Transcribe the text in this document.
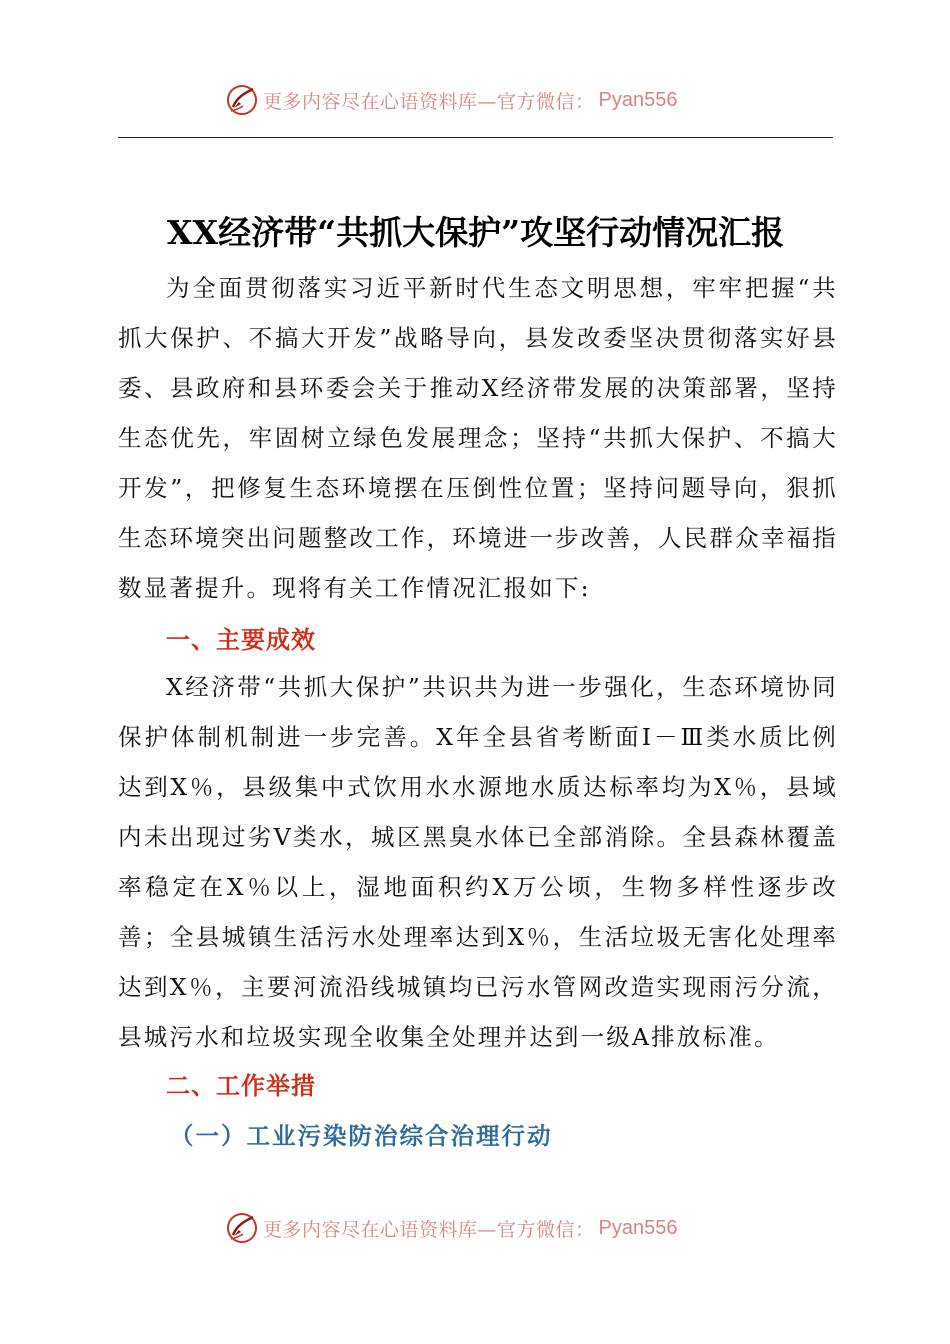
更多内容尽在心语资料库—官方微信： Pyan556
XX经济带“共抓大保护”攻坚行动情况汇报

为全面贯彻落实习近平新时代生态文明思想，牢牢把握“共抓大保护、不搞大开发”战略导向，县发改委坚决贯彻落实好县委、县政府和县环委会关于推动X经济带发展的决策部署，坚持生态优先，牢固树立绿色发展理念；坚持“共抓大保护、不搞大开发”，把修复生态环境摆在压倒性位置；坚持问题导向，狠抓生态环境突出问题整改工作，环境进一步改善，人民群众幸福指数显著提升。现将有关工作情况汇报如下:

一、主要成效

X经济带“共抓大保护”共识共为进一步强化，生态环境协同保护体制机制进一步完善。X年全县省考断面Ⅰ－Ⅲ类水质比例达到X％，县级集中式饮用水水源地水质达标率均为X％，县域内未出现过劣Ⅴ类水，城区黑臭水体已全部消除。全县森林覆盖率稳定在X％以上，湿地面积约X万公顷，生物多样性逐步改善；全县城镇生活污水处理率达到X％，生活垃圾无害化处理率达到X％，主要河流沿线城镇均已污水管网改造实现雨污分流，县城污水和垃圾实现全收集全处理并达到一级A排放标准。

二、工作举措
（一）工业污染防治综合治理行动
更多内容尽在心语资料库—官方微信： Pyan556
